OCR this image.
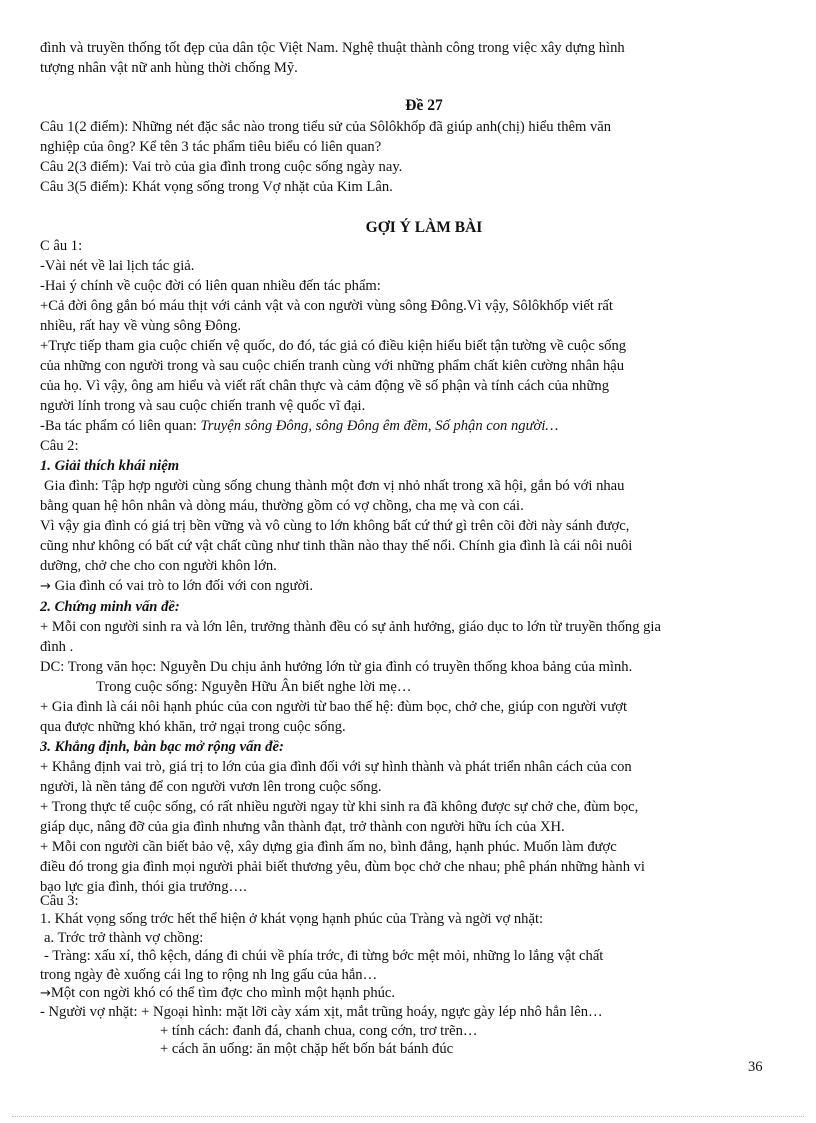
đình và truyền thống tốt đẹp của dân tộc Việt Nam. Nghệ thuật thành công trong việc xây dựng hình
tượng nhân vật nữ anh hùng thời chống Mỹ.
Đề 27
Câu 1(2 điểm): Những nét đặc sắc nào trong tiểu sử của Sôlôkhốp đã giúp anh(chị) hiểu thêm văn
nghiệp của ông? Kể tên 3 tác phẩm tiêu biểu có liên quan?
Câu 2(3 điểm): Vai trò của gia đình trong cuộc sống ngày nay.
Câu 3(5 điểm): Khát vọng sống trong Vợ nhặt của Kim Lân.
GỢI Ý LÀM BÀI
C âu 1:
-Vài nét về lai lịch tác giả.
-Hai ý chính về cuộc đời có liên quan nhiều đến tác phẩm:
+Cả đời ông gắn bó máu thịt với cảnh vật và con người vùng sông Đông.Vì vậy, Sôlôkhốp viết rất
nhiều, rất hay về vùng sông Đông.
+Trực tiếp tham gia cuộc chiến vệ quốc, do đó, tác giả có điều kiện hiểu biết tận tường về cuộc sống
của những con người trong và sau cuộc chiến tranh cùng với những phẩm chất kiên cường nhân hậu
của họ. Vì vậy, ông am hiểu và viết rất chân thực và cảm động về số phận và tính cách của những
người lính trong và sau cuộc chiến tranh vệ quốc vĩ đại.
-Ba tác phẩm có liên quan: Truyện sông Đông, sông Đông êm đềm, Số phận con người…
Câu 2:
1. Giải thích khái niệm
Gia đình: Tập hợp người cùng sống chung thành một đơn vị nhỏ nhất trong xã hội, gắn bó với nhau
bằng quan hệ hôn nhân và dòng máu, thường gồm có vợ chồng, cha mẹ và con cái.
Vì vậy gia đình có giá trị bền vững và vô cùng to lớn không bất cứ thứ gì trên cõi đời này sánh được,
cũng như không có bất cứ vật chất cũng như tinh thần nào thay thế nổi. Chính gia đình là cái nôi nuôi
dưỡng, chở che cho con người khôn lớn.
→ Gia đình có vai trò to lớn đối với con người.
2. Chứng minh vấn đề:
+ Mỗi con người sinh ra và lớn lên, trưởng thành đều có sự ảnh hưởng, giáo dục to lớn từ truyền thống gia
đình .
DC: Trong văn học: Nguyễn Du chịu ảnh hưởng lớn từ gia đình có truyền thống khoa bảng của mình.
Trong cuộc sống: Nguyễn Hữu Ân biết nghe lời mẹ…
+ Gia đình là cái nôi hạnh phúc của con người từ bao thế hệ: đùm bọc, chở che, giúp con người vượt
qua được những khó khăn, trở ngại trong cuộc sống.
3. Khẳng định, bàn bạc mở rộng vấn đề:
+ Khẳng định vai trò, giá trị to lớn của gia đình đối với sự hình thành và phát triển nhân cách của con
người, là nền tảng để con người vươn lên trong cuộc sống.
+ Trong thực tế cuộc sống, có rất nhiều người ngay từ khi sinh ra đã không được sự chở che, đùm bọc,
giáp dục, nâng đỡ của gia đình nhưng vẫn thành đạt, trở thành con người hữu ích của XH.
+ Mỗi con người cần biết bảo vệ, xây dựng gia đình ấm no, bình đẳng, hạnh phúc. Muốn làm được
điều đó trong gia đình mọi người phải biết thương yêu, đùm bọc chở che nhau; phê phán những hành vi
bạo lực gia đình, thói gia trưởng….
Câu 3:
1. Khát vọng sống trớc hết thể hiện ở khát vọng hạnh phúc của Tràng và ngời vợ nhặt:
a. Trớc trở thành vợ chồng:
- Tràng: xấu xí, thô kệch, dáng đi chúi về phía trớc, đi từng bớc mệt mỏi, những lo lắng vật chất
trong ngày đè xuống cái lng to rộng nh lng gấu của hắn…
→Một con ngời khó có thể tìm đợc cho mình một hạnh phúc.
- Người vợ nhặt: + Ngoại hình: mặt lỡi cày xám xịt, mắt trũng hoáy, ngực gày lép nhô hẳn lên…
+ tính cách: đanh đá, chanh chua, cong cớn, trơ trẽn…
+ cách ăn uống: ăn một chặp hết bốn bát bánh đúc
36
